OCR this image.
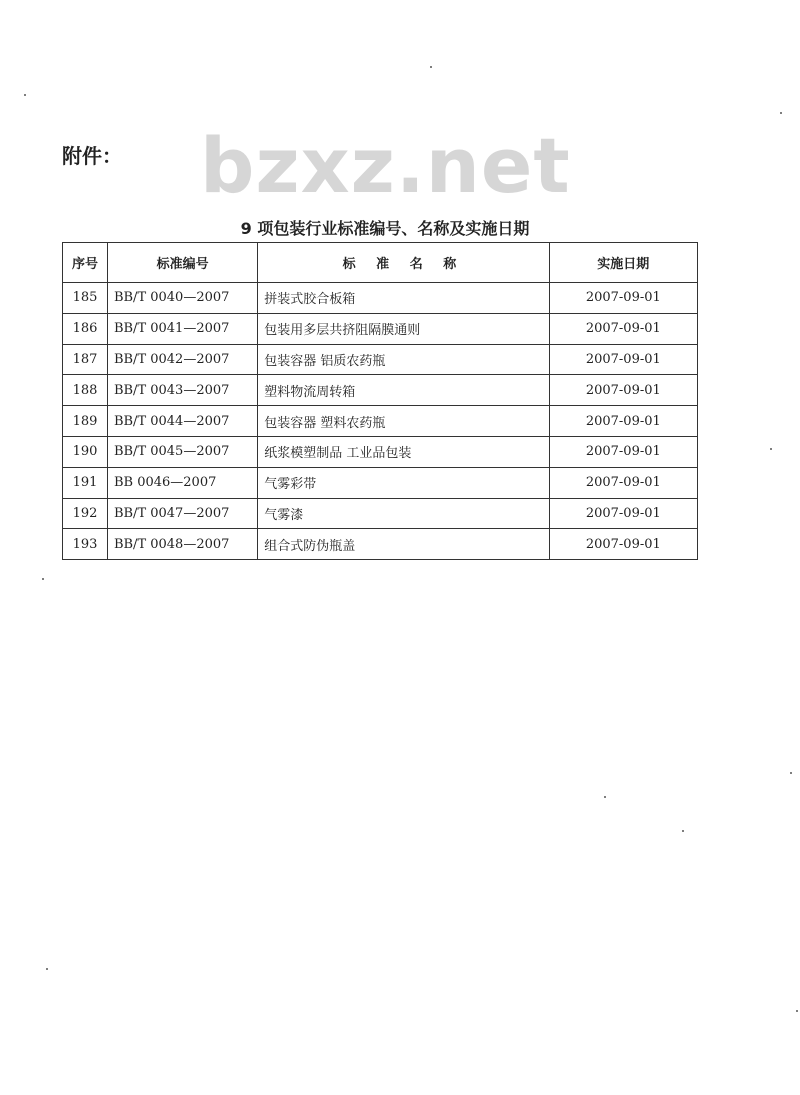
附件： bzxz.net
9 项包装行业标准编号、名称及实施日期
序号	标准编号	标 准 名 称	实施日期
185	BB/T 0040—2007	拼装式胶合板箱	2007-09-01
186	BB/T 0041—2007	包装用多层共挤阻隔膜通则	2007-09-01
187	BB/T 0042—2007	包装容器 铝质农药瓶	2007-09-01
188	BB/T 0043—2007	塑料物流周转箱	2007-09-01
189	BB/T 0044—2007	包装容器 塑料农药瓶	2007-09-01
190	BB/T 0045—2007	纸浆模塑制品 工业品包装	2007-09-01
191	BB 0046—2007	气雾彩带	2007-09-01
192	BB/T 0047—2007	气雾漆	2007-09-01
193	BB/T 0048—2007	组合式防伪瓶盖	2007-09-01
